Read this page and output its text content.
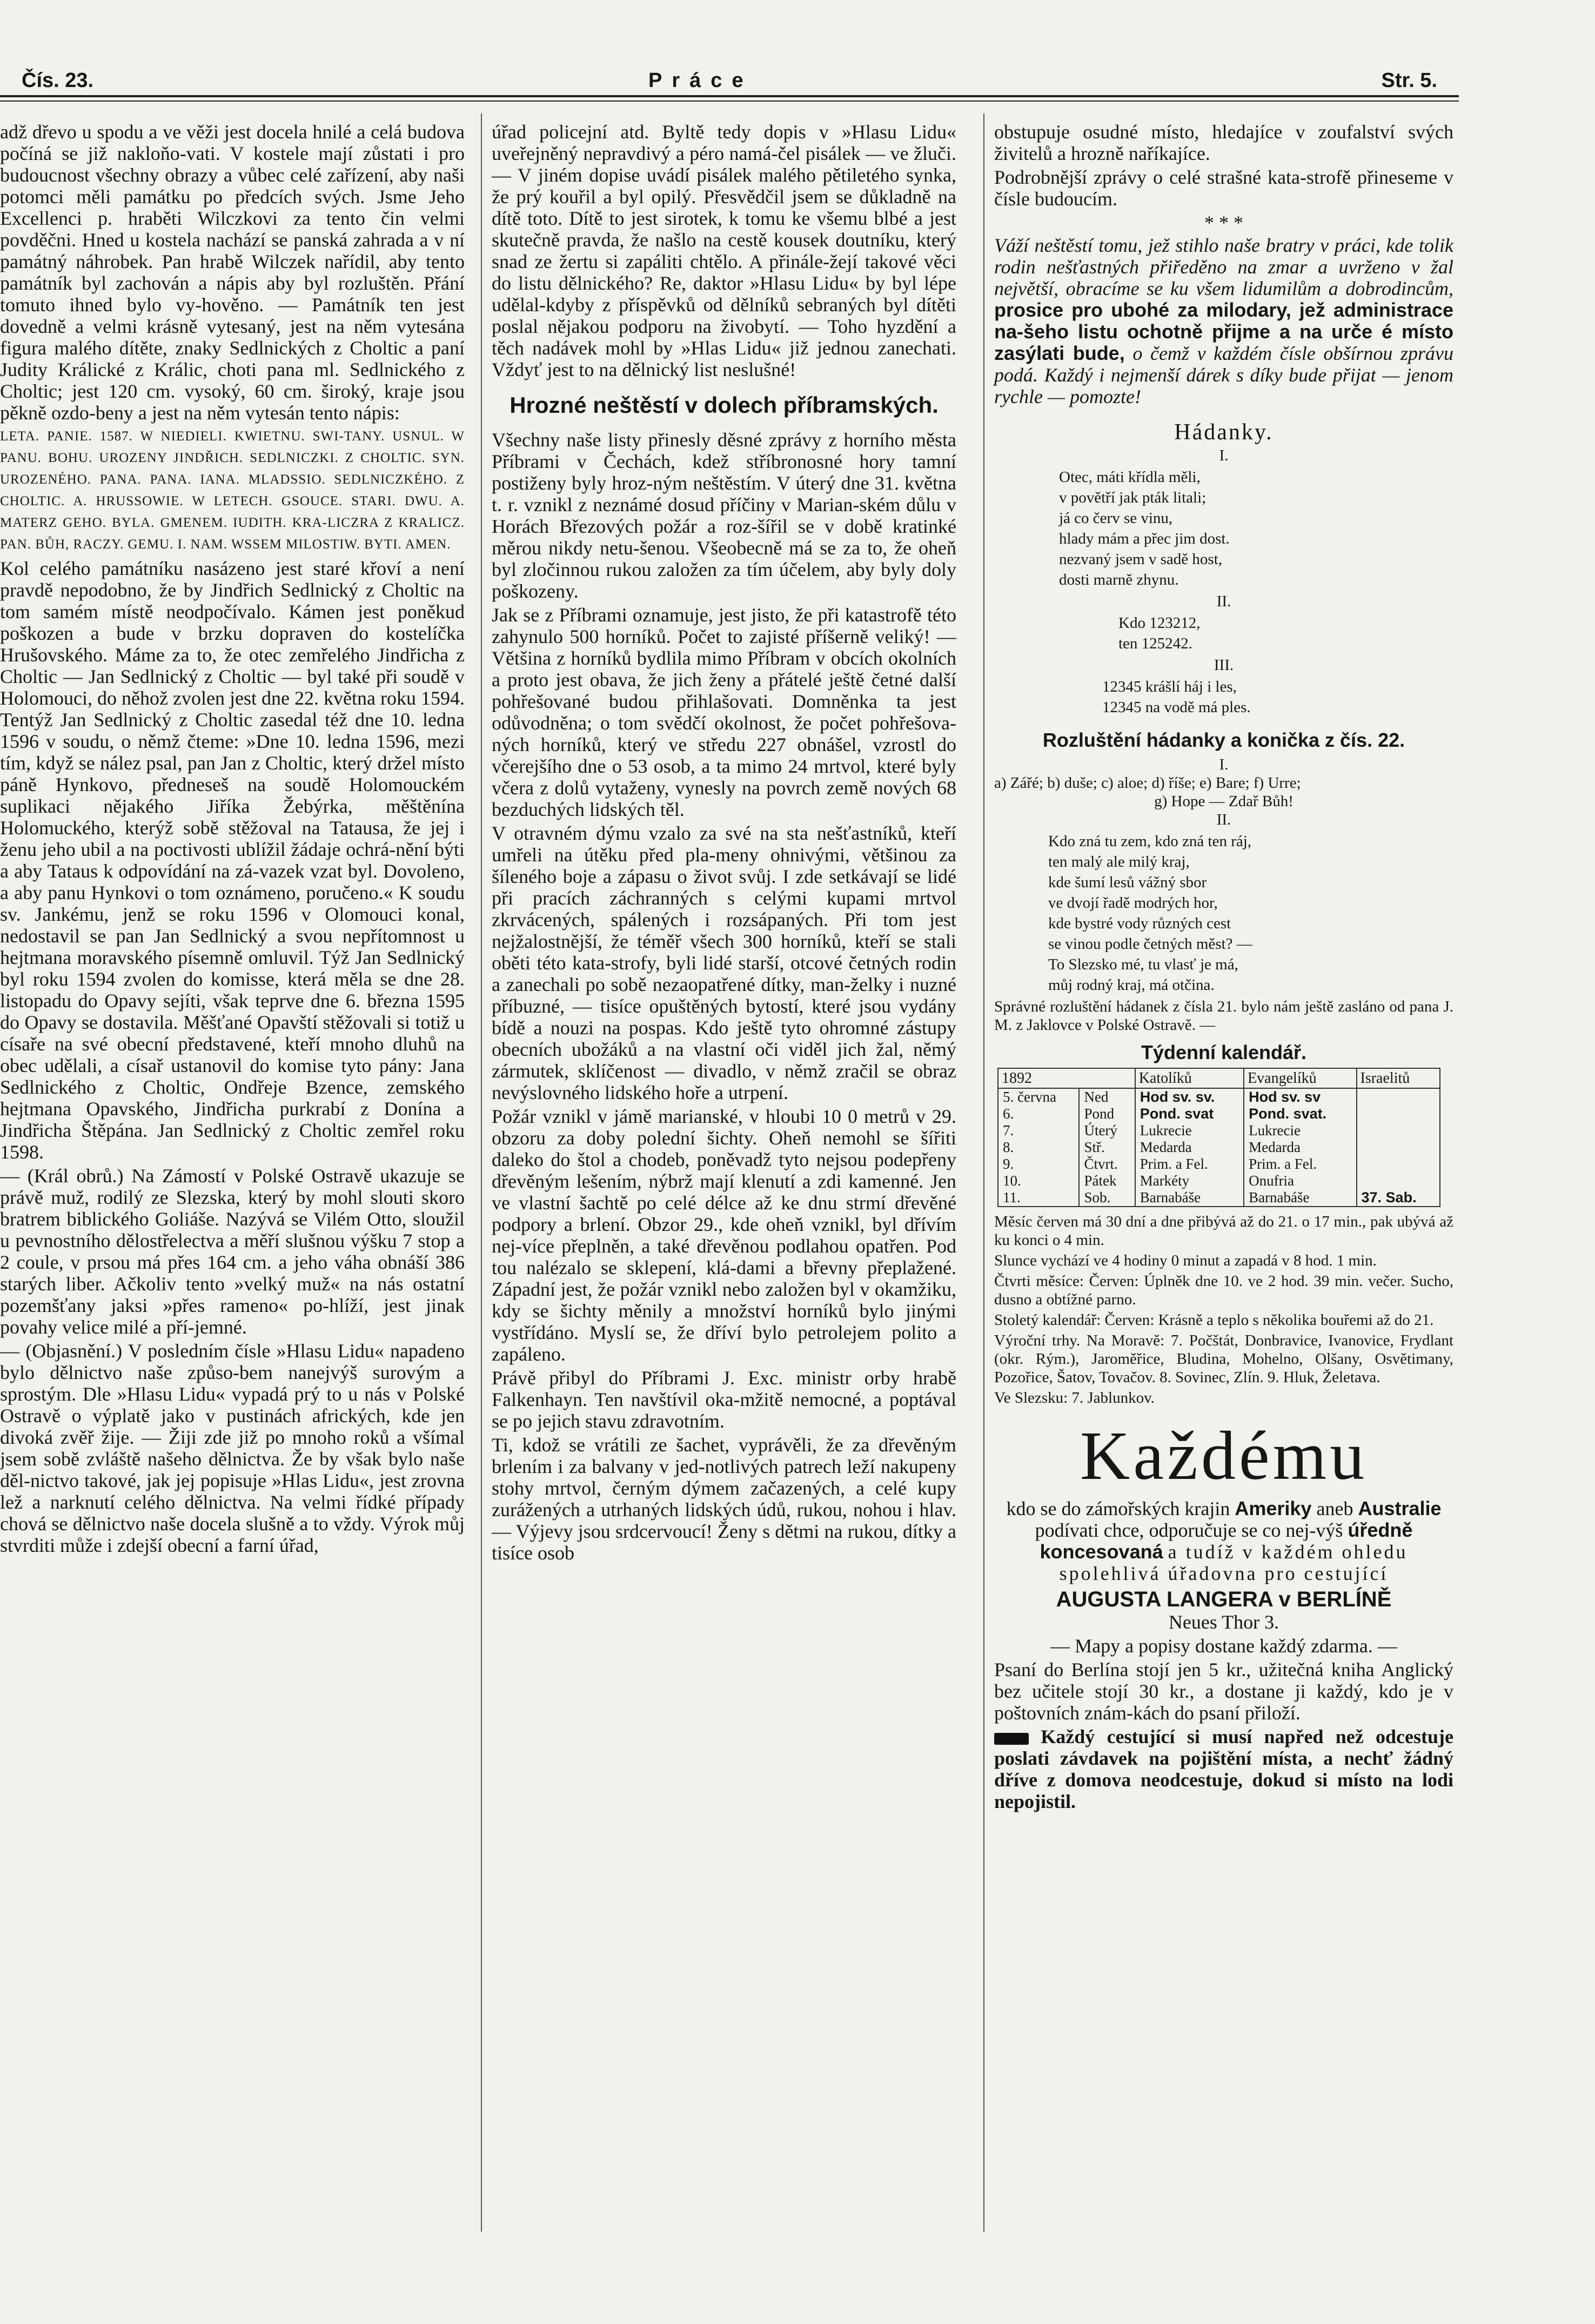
Čís. 23.	Práce	Str. 5.

adž dřevo u spodu a ve věži jest docela hnilé a celá budova počíná se již nakloňo-vati. V kostele mají zůstati i pro budoucnost všechny obrazy a vůbec celé zařízení, aby naši potomci měli památku po předcích svých. Jsme Jeho Excellenci p. hraběti Wilczkovi za tento čin velmi povděčni. Hned u kostela nachází se panská zahrada a v ní památný náhrobek. Pan hrabě Wilczek nařídil, aby tento památník byl zachován a nápis aby byl rozluštěn. Přání tomuto ihned bylo vy-hověno. — Památník ten jest dovedně a velmi krásně vytesaný, jest na něm vytesána figura malého dítěte, znaky Sedlnických z Choltic a paní Judity Králické z Králic, choti pana ml. Sedlnického z Choltic; jest 120 cm. vysoký, 60 cm. široký, kraje jsou pěkně ozdo-beny a jest na něm vytesán tento nápis:

LETA. PANIE. 1587. W NIEDIELI. KWIETNU. SWI-TANY. USNUL. W PANU. BOHU. UROZENY JINDŘICH. SEDLNICZKI. Z CHOLTIC. SYN. UROZENÉHO. PANA. PANA. IANA. MLADSSIO. SEDLNICZKÉHO. Z CHOLTIC. A. HRUSSOWIE. W LETECH. GSOUCE. STARI. DWU. A. MATERZ GEHO. BYLA. GMENEM. IUDITH. KRA-LICZRA Z KRALICZ. PAN. BŮH, RACZY. GEMU. I. NAM. WSSEM MILOSTIW. BYTI. AMEN.

Kol celého památníku nasázeno jest staré křoví a není pravdě nepodobno, že by Jindřich Sedlnický z Choltic na tom samém místě neodpočívalo. Kámen jest poněkud poškozen a bude v brzku dopraven do kostelíčka Hrušovského. Máme za to, že otec zemřelého Jindřicha z Choltic — Jan Sedlnický z Choltic — byl také při soudě v Holomouci, do něhož zvolen jest dne 22. května roku 1594. Tentýž Jan Sedlnický z Choltic zasedal též dne 10. ledna 1596 v soudu, o němž čteme: »Dne 10. ledna 1596, mezi tím, když se nález psal, pan Jan z Choltic, který držel místo páně Hynkovo, předneseš na soudě Holomouckém suplikaci nějakého Jiříka Žebýrka, měštěnína Holomuckého, kterýž sobě stěžoval na Tatausa, že jej i ženu jeho ubil a na poctivosti ublížil žádaje ochrá-nění býti a aby Tataus k odpovídání na zá-vazek vzat byl. Dovoleno, a aby panu Hynkovi o tom oznámeno, poručeno.« K soudu sv. Jankému, jenž se roku 1596 v Olomouci konal, nedostavil se pan Jan Sedlnický a svou nepřítomnost u hejtmana moravského písemně omluvil. Týž Jan Sedlnický byl roku 1594 zvolen do komisse, která měla se dne 28. listopadu do Opavy sejíti, však teprve dne 6. března 1595 do Opavy se dostavila. Měšťané Opavští stěžovali si totiž u císaře na své obecní představené, kteří mnoho dluhů na obec udělali, a císař ustanovil do komise tyto pány: Jana Sedlnického z Choltic, Ondřeje Bzence, zemského hejtmana Opavského, Jindřicha purkrabí z Donína a Jindřicha Štěpána. Jan Sedlnický z Choltic zemřel roku 1598.

— (Král obrů.) Na Zámostí v Polské Ostravě ukazuje se právě muž, rodilý ze Slezska, který by mohl slouti skoro bratrem biblického Goliáše. Nazývá se Vilém Otto, sloužil u pevnostního dělostřelectva a měří slušnou výšku 7 stop a 2 coule, v prsou má přes 164 cm. a jeho váha obnáší 386 starých liber. Ačkoliv tento »velký muž« na nás ostatní pozemšťany jaksi »přes rameno« po-hlíží, jest jinak povahy velice milé a pří-jemné.

— (Objasnění.) V posledním čísle »Hlasu Lidu« napadeno bylo dělnictvo naše způso-bem nanejvýš surovým a sprostým. Dle »Hlasu Lidu« vypadá prý to u nás v Polské Ostravě o výplatě jako v pustinách afrických, kde jen divoká zvěř žije. — Žiji zde již po mnoho roků a všímal jsem sobě zvláště našeho dělnictva. Že by však bylo naše děl-nictvo takové, jak jej popisuje »Hlas Lidu«, jest zrovna lež a narknutí celého dělnictva. Na velmi řídké případy chová se dělnictvo naše docela slušně a to vždy. Výrok můj stvrditi může i zdejší obecní a farní úřad,

úřad policejní atd. Byltě tedy dopis v »Hlasu Lidu« uveřejněný nepravdivý a péro namá-čel pisálek — ve žluči. — V jiném dopise uvádí pisálek malého pětiletého synka, že prý kouřil a byl opilý. Přesvědčil jsem se důkladně na dítě toto. Dítě to jest sirotek, k tomu ke všemu blbé a jest skutečně pravda, že našlo na cestě kousek doutníku, který snad ze žertu si zapáliti chtělo. A přinále-žejí takové věci do listu dělnického? Re, daktor »Hlasu Lidu« by byl lépe udělal-kdyby z příspěvků od dělníků sebraných byl dítěti poslal nějakou podporu na živobytí. — Toho hyzdění a těch nadávek mohl by »Hlas Lidu« již jednou zanechati. Vždyť jest to na dělnický list neslušné!

Hrozné neštěstí v dolech příbramských.

Všechny naše listy přinesly děsné zprávy z horního města Příbrami v Čechách, kdež stříbronosné hory tamní postiženy byly hroz-ným neštěstím. V úterý dne 31. května t. r. vznikl z neznámé dosud příčiny v Marian-ském důlu v Horách Březových požár a roz-šířil se v době kratinké měrou nikdy netu-šenou. Všeobecně má se za to, že oheň byl zločinnou rukou založen za tím účelem, aby byly doly poškozeny.

Jak se z Příbrami oznamuje, jest jisto, že při katastrofě této zahynulo 500 horníků. Počet to zajisté příšerně veliký! — Většina z horníků bydlila mimo Příbram v obcích okolních a proto jest obava, že jich ženy a přátelé ještě četné další pohřešované budou přihlašovati. Domněnka ta jest odůvodněna; o tom svědčí okolnost, že počet pohřešova-ných horníků, který ve středu 227 obnášel, vzrostl do včerejšího dne o 53 osob, a ta mimo 24 mrtvol, které byly včera z dolů vytaženy, vynesly na povrch země nových 68 bezduchých lidských těl.

V otravném dýmu vzalo za své na sta nešťastníků, kteří umřeli na útěku před pla-meny ohnivými, většinou za šíleného boje a zápasu o život svůj. I zde setkávají se lidé při pracích záchranných s celými kupami mrtvol zkrvácených, spálených i rozsápaných. Při tom jest nejžalostnější, že téměř všech 300 horníků, kteří se stali oběti této kata-strofy, byli lidé starší, otcové četných rodin a zanechali po sobě nezaopatřené dítky, man-želky i nuzné příbuzné, — tisíce opuštěných bytostí, které jsou vydány bídě a nouzi na pospas. Kdo ještě tyto ohromné zástupy obecních ubožáků a na vlastní oči viděl jich žal, němý zármutek, sklíčenost — divadlo, v němž zračil se obraz nevýslovného lidského hoře a utrpení.

Požár vznikl v jámě marianské, v hloubi 10 0 metrů v 29. obzoru za doby polední šichty. Oheň nemohl se šířiti daleko do štol a chodeb, poněvadž tyto nejsou podepřeny dřevěným lešením, nýbrž mají klenutí a zdi kamenné. Jen ve vlastní šachtě po celé délce až ke dnu strmí dřevěné podpory a brlení. Obzor 29., kde oheň vznikl, byl dřívím nej-více přeplněn, a také dřevěnou podlahou opatřen. Pod tou nalézalo se sklepení, klá-dami a břevny přeplažené. Západní jest, že požár vznikl nebo založen byl v okamžiku, kdy se šichty měnily a množství horníků bylo jinými vystřídáno. Myslí se, že dříví bylo petrolejem polito a zapáleno.

Právě přibyl do Příbrami J. Exc. ministr orby hrabě Falkenhayn. Ten navštívil oka-mžitě nemocné, a poptával se po jejich stavu zdravotním.

Ti, kdož se vrátili ze šachet, vyprávěli, že za dřevěným brlením i za balvany v jed-notlivých patrech leží nakupeny stohy mrtvol, černým dýmem začazených, a celé kupy zurážených a utrhaných lidských údů, rukou, nohou i hlav. — Výjevy jsou srdcervoucí! Ženy s dětmi na rukou, dítky a tisíce osob

obstupuje osudné místo, hledajíce v zoufalství svých živitelů a hrozně naříkajíce.

Podrobnější zprávy o celé strašné kata-strofě přineseme v čísle budoucím.

* * *

Váží neštěstí tomu, jež stihlo naše bratry v práci, kde tolik rodin nešťastných přiředěno na zmar a uvrženo v žal největší, obracíme se ku všem lidumilům a dobrodincům, prosice pro ubohé za milodary, jež administrace na-šeho listu ochotně přijme a na urče é místo zasýlati bude, o čemž v každém čísle obšírnou zprávu podá. Každý i nejmenší dárek s díky bude přijat — jenom rychle — pomozte!

Hádanky.
I.
Otec, máti křídla měli,
v povětří jak pták litali;
já co červ se vinu,
hlady mám a přec jim dost.
nezvaný jsem v sadě host,
dosti marně zhynu.
II.
Kdo 123212,
ten 125242.
III.
12345 krášlí háj i les,
12345 na vodě má ples.
Rozluštění hádanky a konička z čís. 22.
I.
a) Zářé; b) duše; c) aloe; d) říše; e) Bare; f) Urre;
g) Hope — Zdař Bůh!
II.
Kdo zná tu zem, kdo zná ten ráj,
ten malý ale milý kraj,
kde šumí lesů vážný sbor
ve dvojí řadě modrých hor,
kde bystré vody různých cest
se vinou podle četných měst? —
To Slezsko mé, tu vlasť je má,
můj rodný kraj, má otčina.

Správné rozluštění hádanek z čísla 21. bylo nám ještě zasláno od pana J. M. z Jaklovce v Polské Ostravě. —

Týdenní kalendář.
1892		Katolíků	Evangelíků	Israelitů
5. června	Ned	Hod sv. sv.	Hod sv. sv	
6.	Pond	Pond. svat	Pond. svat.	
7.	Úterý	Lukrecie	Lukrecie	
8.	Stř.	Medarda	Medarda	
9.	Čtvrt.	Prim. a Fel.	Prim. a Fel.	
10.	Pátek	Markéty	Onufria	
11.	Sob.	Barnabáše	Barnabáše	37. Sab.

Měsíc červen má 30 dní a dne přibývá až do 21. o 17 min., pak ubývá až ku konci o 4 min.

Slunce vychází ve 4 hodiny 0 minut a zapadá v 8 hod. 1 min.

Čtvrti měsíce: Červen: Úplněk dne 10. ve 2 hod. 39 min. večer. Sucho, dusno a obtížné parno.

Stoletý kalendář: Červen: Krásně a teplo s několika bouřemi až do 21.

Výroční trhy. Na Moravě: 7. Počštát, Donbravice, Ivanovice, Frydlant (okr. Rým.), Jaroměřice, Bludina, Mohelno, Olšany, Osvětimany, Pozořice, Šatov, Tovačov. 8. Sovinec, Zlín. 9. Hluk, Želetava.

Ve Slezsku: 7. Jablunkov.

Každému

kdo se do zámořských krajin Ameriky aneb Australie podívati chce, odporučuje se co nej-výš úředně koncesovaná a tudíž v každém ohledu spolehlivá úřadovna pro cestující

AUGUSTA LANGERA v BERLÍNĚ
Neues Thor 3.
— Mapy a popisy dostane každý zdarma. —

Psaní do Berlína stojí jen 5 kr., užitečná kniha Anglický bez učitele stojí 30 kr., a dostane ji každý, kdo je v poštovních znám-kách do psaní přiloží.

Každý cestující si musí napřed než odcestuje poslati závdavek na pojištění místa, a nechť žádný dříve z domova neodcestuje, dokud si místo na lodi nepojistil.
